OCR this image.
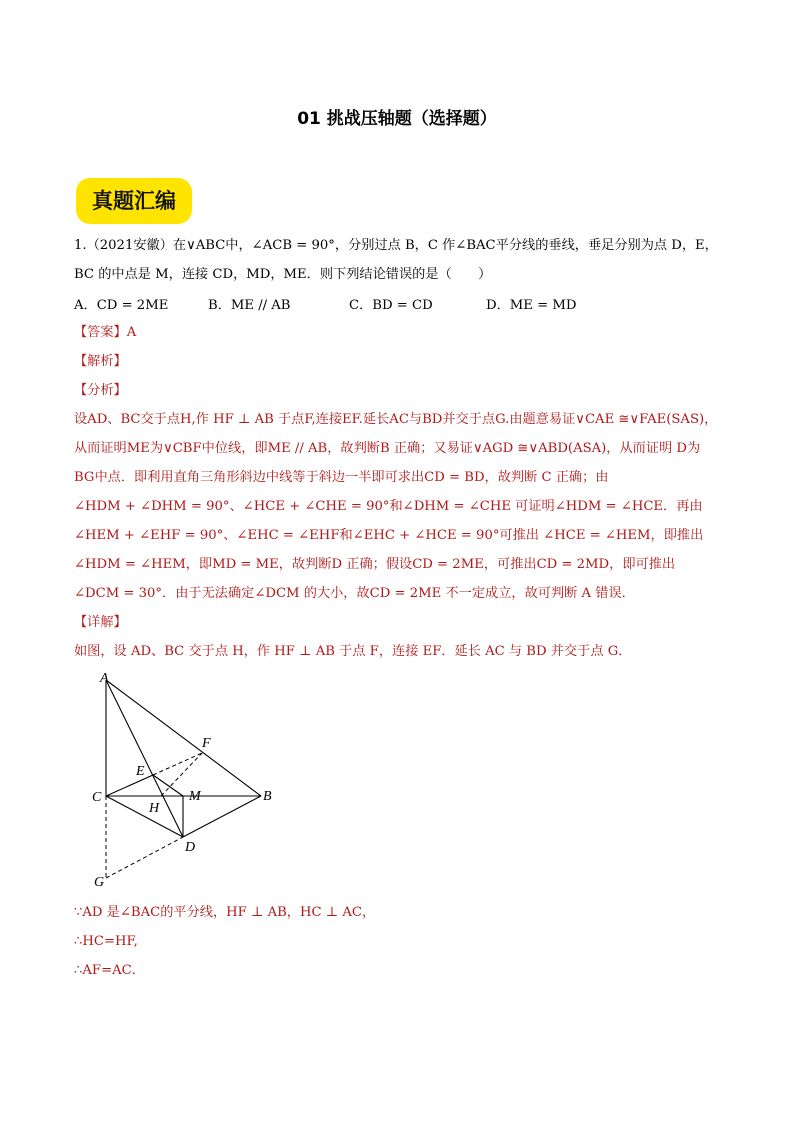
01 挑战压轴题（选择题）
真题汇编
1.（2021安徽）在∨ABC中，∠ACB = 90°，分别过点 B，C 作∠BAC平分线的垂线，垂足分别为点 D，E，
BC 的中点是 M，连接 CD，MD，ME．则下列结论错误的是（　　）
A．CD = 2ME	B．ME // AB	C．BD = CD	D．ME = MD
【答案】A
【解析】
【分析】
设AD、BC交于点H,作 HF ⊥ AB 于点F,连接EF.延长AC与BD并交于点G.由题意易证∨CAE ≅∨FAE(SAS)，
从而证明ME为∨CBF中位线，即ME // AB，故判断B 正确；又易证∨AGD ≅∨ABD(ASA)，从而证明 D为
BG中点．即利用直角三角形斜边中线等于斜边一半即可求出CD = BD，故判断 C 正确；由
∠HDM + ∠DHM = 90°、∠HCE + ∠CHE = 90°和∠DHM = ∠CHE 可证明∠HDM = ∠HCE．再由
∠HEM + ∠EHF = 90°、∠EHC = ∠EHF和∠EHC + ∠HCE = 90°可推出 ∠HCE = ∠HEM，即推出
∠HDM = ∠HEM，即MD = ME，故判断D 正确；假设CD = 2ME，可推出CD = 2MD，即可推出
∠DCM = 30°．由于无法确定∠DCM 的大小，故CD = 2ME 不一定成立，故可判断 A 错误．
【详解】
如图，设 AD、BC 交于点 H，作 HF ⊥ AB 于点 F，连接 EF．延长 AC 与 BD 并交于点 G．
A
F
E
C	M	B
H
D
G
∵AD 是∠BAC的平分线，HF ⊥ AB，HC ⊥ AC，
∴HC=HF,
∴AF=AC．
